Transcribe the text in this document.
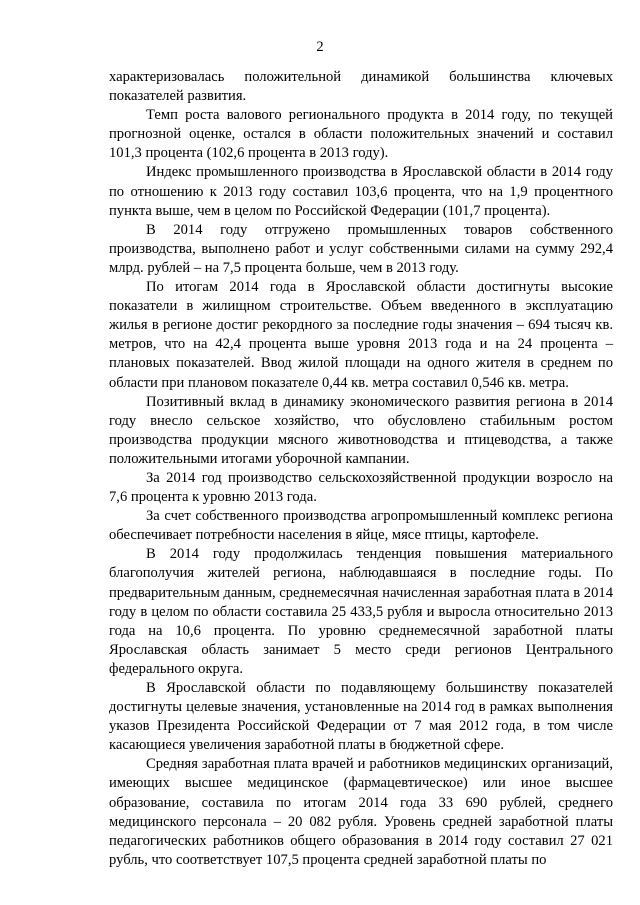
2

характеризовалась положительной динамикой большинства ключевых показателей развития.

Темп роста валового регионального продукта в 2014 году, по текущей прогнозной оценке, остался в области положительных значений и составил 101,3 процента (102,6 процента в 2013 году).

Индекс промышленного производства в Ярославской области в 2014 году по отношению к 2013 году составил 103,6 процента, что на 1,9 процентного пункта выше, чем в целом по Российской Федерации (101,7 процента).

В 2014 году отгружено промышленных товаров собственного производства, выполнено работ и услуг собственными силами на сумму 292,4 млрд. рублей – на 7,5 процента больше, чем в 2013 году.

По итогам 2014 года в Ярославской области достигнуты высокие показатели в жилищном строительстве. Объем введенного в эксплуатацию жилья в регионе достиг рекордного за последние годы значения – 694 тысяч кв. метров, что на 42,4 процента выше уровня 2013 года и на 24 процента – плановых показателей. Ввод жилой площади на одного жителя в среднем по области при плановом показателе 0,44 кв. метра составил 0,546 кв. метра.

Позитивный вклад в динамику экономического развития региона в 2014 году внесло сельское хозяйство, что обусловлено стабильным ростом производства продукции мясного животноводства и птицеводства, а также положительными итогами уборочной кампании.

За 2014 год производство сельскохозяйственной продукции возросло на 7,6 процента к уровню 2013 года.

За счет собственного производства агропромышленный комплекс региона обеспечивает потребности населения в яйце, мясе птицы, картофеле.

В 2014 году продолжилась тенденция повышения материального благополучия жителей региона, наблюдавшаяся в последние годы. По предварительным данным, среднемесячная начисленная заработная плата в 2014 году в целом по области составила 25 433,5 рубля и выросла относительно 2013 года на 10,6 процента. По уровню среднемесячной заработной платы Ярославская область занимает 5 место среди регионов Центрального федерального округа.

В Ярославской области по подавляющему большинству показателей достигнуты целевые значения, установленные на 2014 год в рамках выполнения указов Президента Российской Федерации от 7 мая 2012 года, в том числе касающиеся увеличения заработной платы в бюджетной сфере.

Средняя заработная плата врачей и работников медицинских организаций, имеющих высшее медицинское (фармацевтическое) или иное высшее образование, составила по итогам 2014 года 33 690 рублей, среднего медицинского персонала – 20 082 рубля. Уровень средней заработной платы педагогических работников общего образования в 2014 году составил 27 021 рубль, что соответствует 107,5 процента средней заработной платы по
